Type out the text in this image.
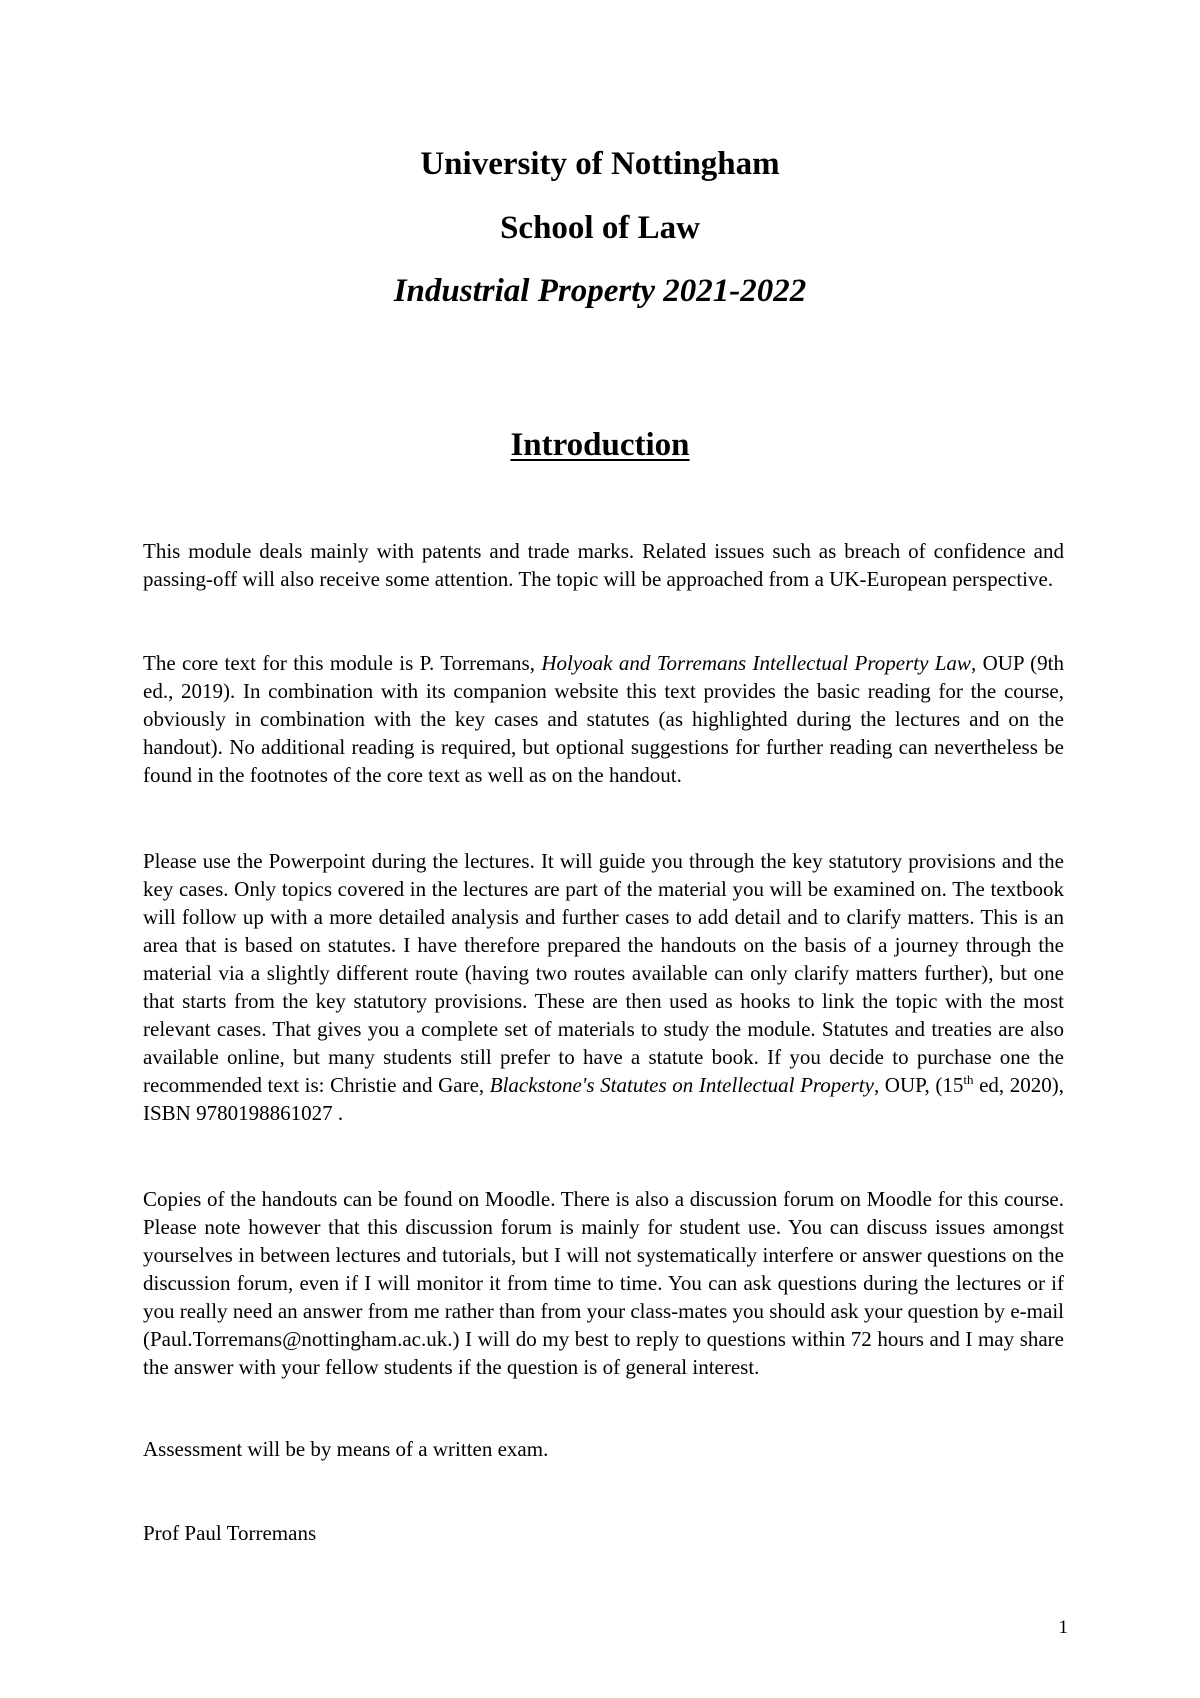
University of Nottingham
School of Law
Industrial Property 2021-2022
Introduction

This module deals mainly with patents and trade marks. Related issues such as breach of confidence and passing-off will also receive some attention. The topic will be approached from a UK-European perspective.

The core text for this module is P. Torremans, Holyoak and Torremans Intellectual Property Law, OUP (9th ed., 2019). In combination with its companion website this text provides the basic reading for the course, obviously in combination with the key cases and statutes (as highlighted during the lectures and on the handout). No additional reading is required, but optional suggestions for further reading can nevertheless be found in the footnotes of the core text as well as on the handout.

Please use the Powerpoint during the lectures. It will guide you through the key statutory provisions and the key cases. Only topics covered in the lectures are part of the material you will be examined on. The textbook will follow up with a more detailed analysis and further cases to add detail and to clarify matters. This is an area that is based on statutes. I have therefore prepared the handouts on the basis of a journey through the material via a slightly different route (having two routes available can only clarify matters further), but one that starts from the key statutory provisions. These are then used as hooks to link the topic with the most relevant cases. That gives you a complete set of materials to study the module. Statutes and treaties are also available online, but many students still prefer to have a statute book. If you decide to purchase one the recommended text is: Christie and Gare, Blackstone's Statutes on Intellectual Property, OUP, (15th ed, 2020), ISBN 9780198861027 .

Copies of the handouts can be found on Moodle. There is also a discussion forum on Moodle for this course. Please note however that this discussion forum is mainly for student use. You can discuss issues amongst yourselves in between lectures and tutorials, but I will not systematically interfere or answer questions on the discussion forum, even if I will monitor it from time to time. You can ask questions during the lectures or if you really need an answer from me rather than from your class-mates you should ask your question by e-mail (Paul.Torremans@nottingham.ac.uk.) I will do my best to reply to questions within 72 hours and I may share the answer with your fellow students if the question is of general interest.

Assessment will be by means of a written exam.

Prof Paul Torremans

1
